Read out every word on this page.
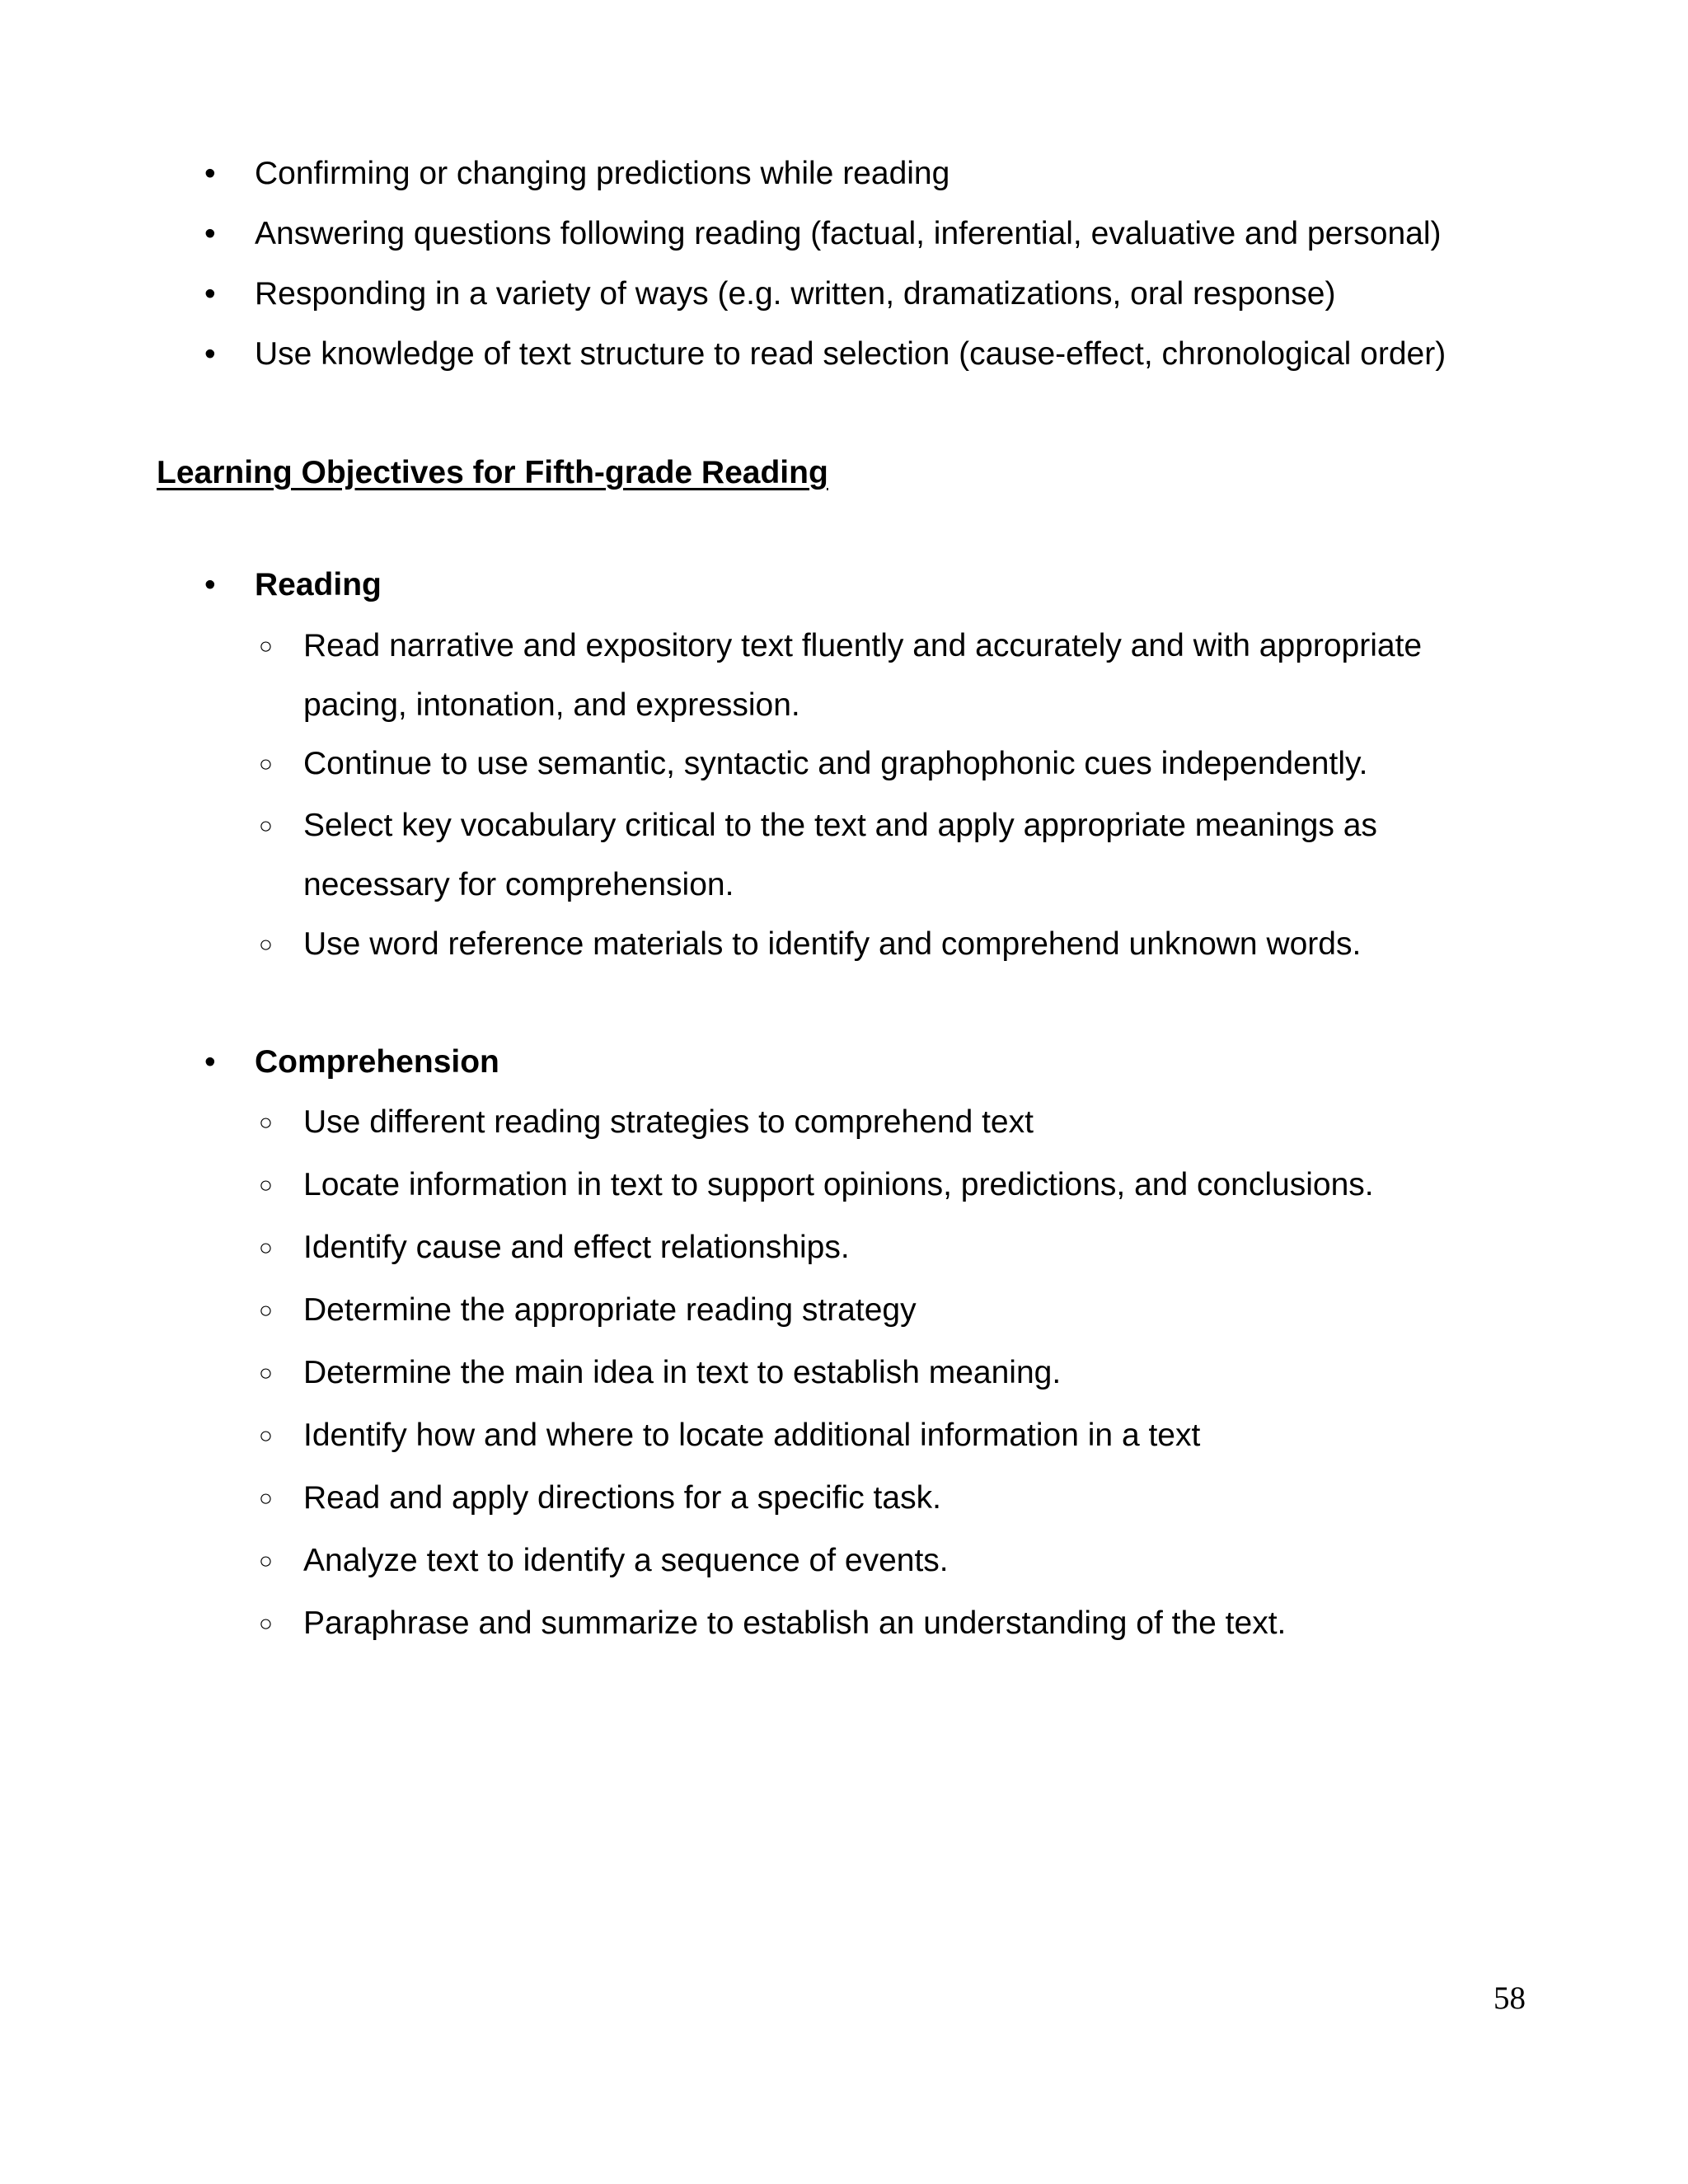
• Confirming or changing predictions while reading
• Answering questions following reading (factual, inferential, evaluative and personal)
• Responding in a variety of ways (e.g. written, dramatizations, oral response)
• Use knowledge of text structure to read selection (cause-effect, chronological order)
Learning Objectives for Fifth-grade Reading
• Reading
○ Read narrative and expository text fluently and accurately and with appropriate
pacing, intonation, and expression.
○ Continue to use semantic, syntactic and graphophonic cues independently.
○ Select key vocabulary critical to the text and apply appropriate meanings as
necessary for comprehension.
○ Use word reference materials to identify and comprehend unknown words.
• Comprehension
○ Use different reading strategies to comprehend text
○ Locate information in text to support opinions, predictions, and conclusions.
○ Identify cause and effect relationships.
○ Determine the appropriate reading strategy
○ Determine the main idea in text to establish meaning.
○ Identify how and where to locate additional information in a text
○ Read and apply directions for a specific task.
○ Analyze text to identify a sequence of events.
○ Paraphrase and summarize to establish an understanding of the text.
58
